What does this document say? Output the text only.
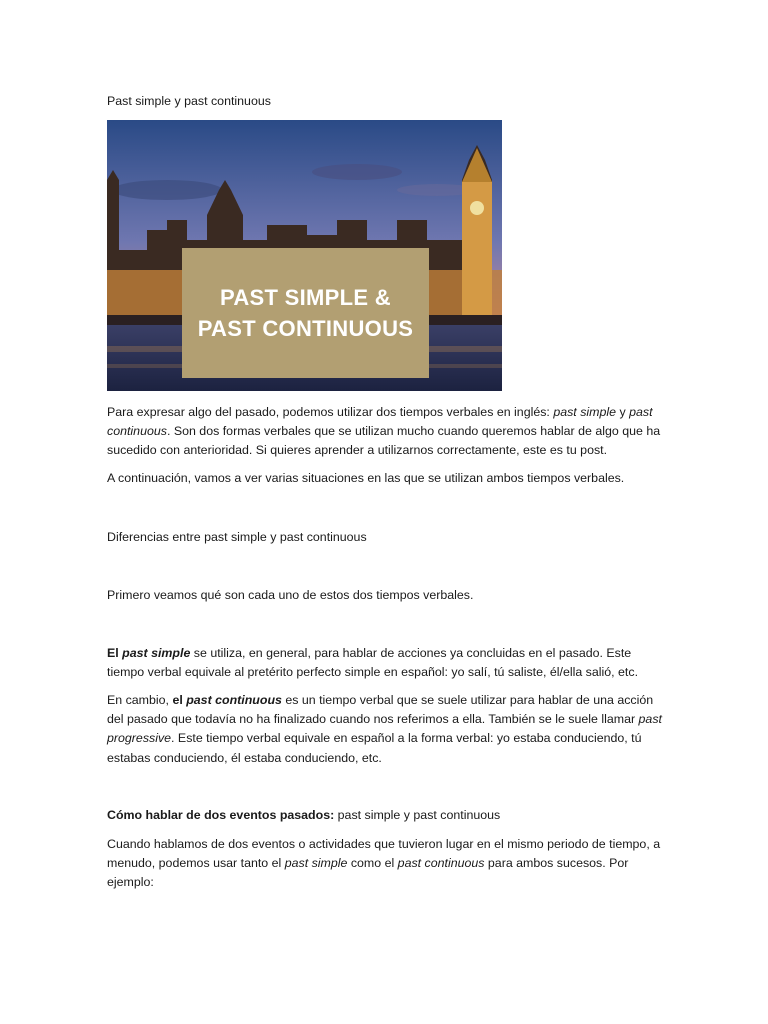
Past simple y past continuous

PAST SIMPLE &
PAST CONTINUOUS

Para expresar algo del pasado, podemos utilizar dos tiempos verbales en inglés: past simple y past continuous. Son dos formas verbales que se utilizan mucho cuando queremos hablar de algo que ha sucedido con anterioridad. Si quieres aprender a utilizarnos correctamente, este es tu post.

A continuación, vamos a ver varias situaciones en las que se utilizan ambos tiempos verbales.

Diferencias entre past simple y past continuous

Primero veamos qué son cada uno de estos dos tiempos verbales.

El past simple se utiliza, en general, para hablar de acciones ya concluidas en el pasado. Este tiempo verbal equivale al pretérito perfecto simple en español: yo salí, tú saliste, él/ella salió, etc.

En cambio, el past continuous es un tiempo verbal que se suele utilizar para hablar de una acción del pasado que todavía no ha finalizado cuando nos referimos a ella. También se le suele llamar past progressive. Este tiempo verbal equivale en español a la forma verbal: yo estaba conduciendo, tú estabas conduciendo, él estaba conduciendo, etc.

Cómo hablar de dos eventos pasados: past simple y past continuous

Cuando hablamos de dos eventos o actividades que tuvieron lugar en el mismo periodo de tiempo, a menudo, podemos usar tanto el past simple como el past continuous para ambos sucesos. Por ejemplo:
